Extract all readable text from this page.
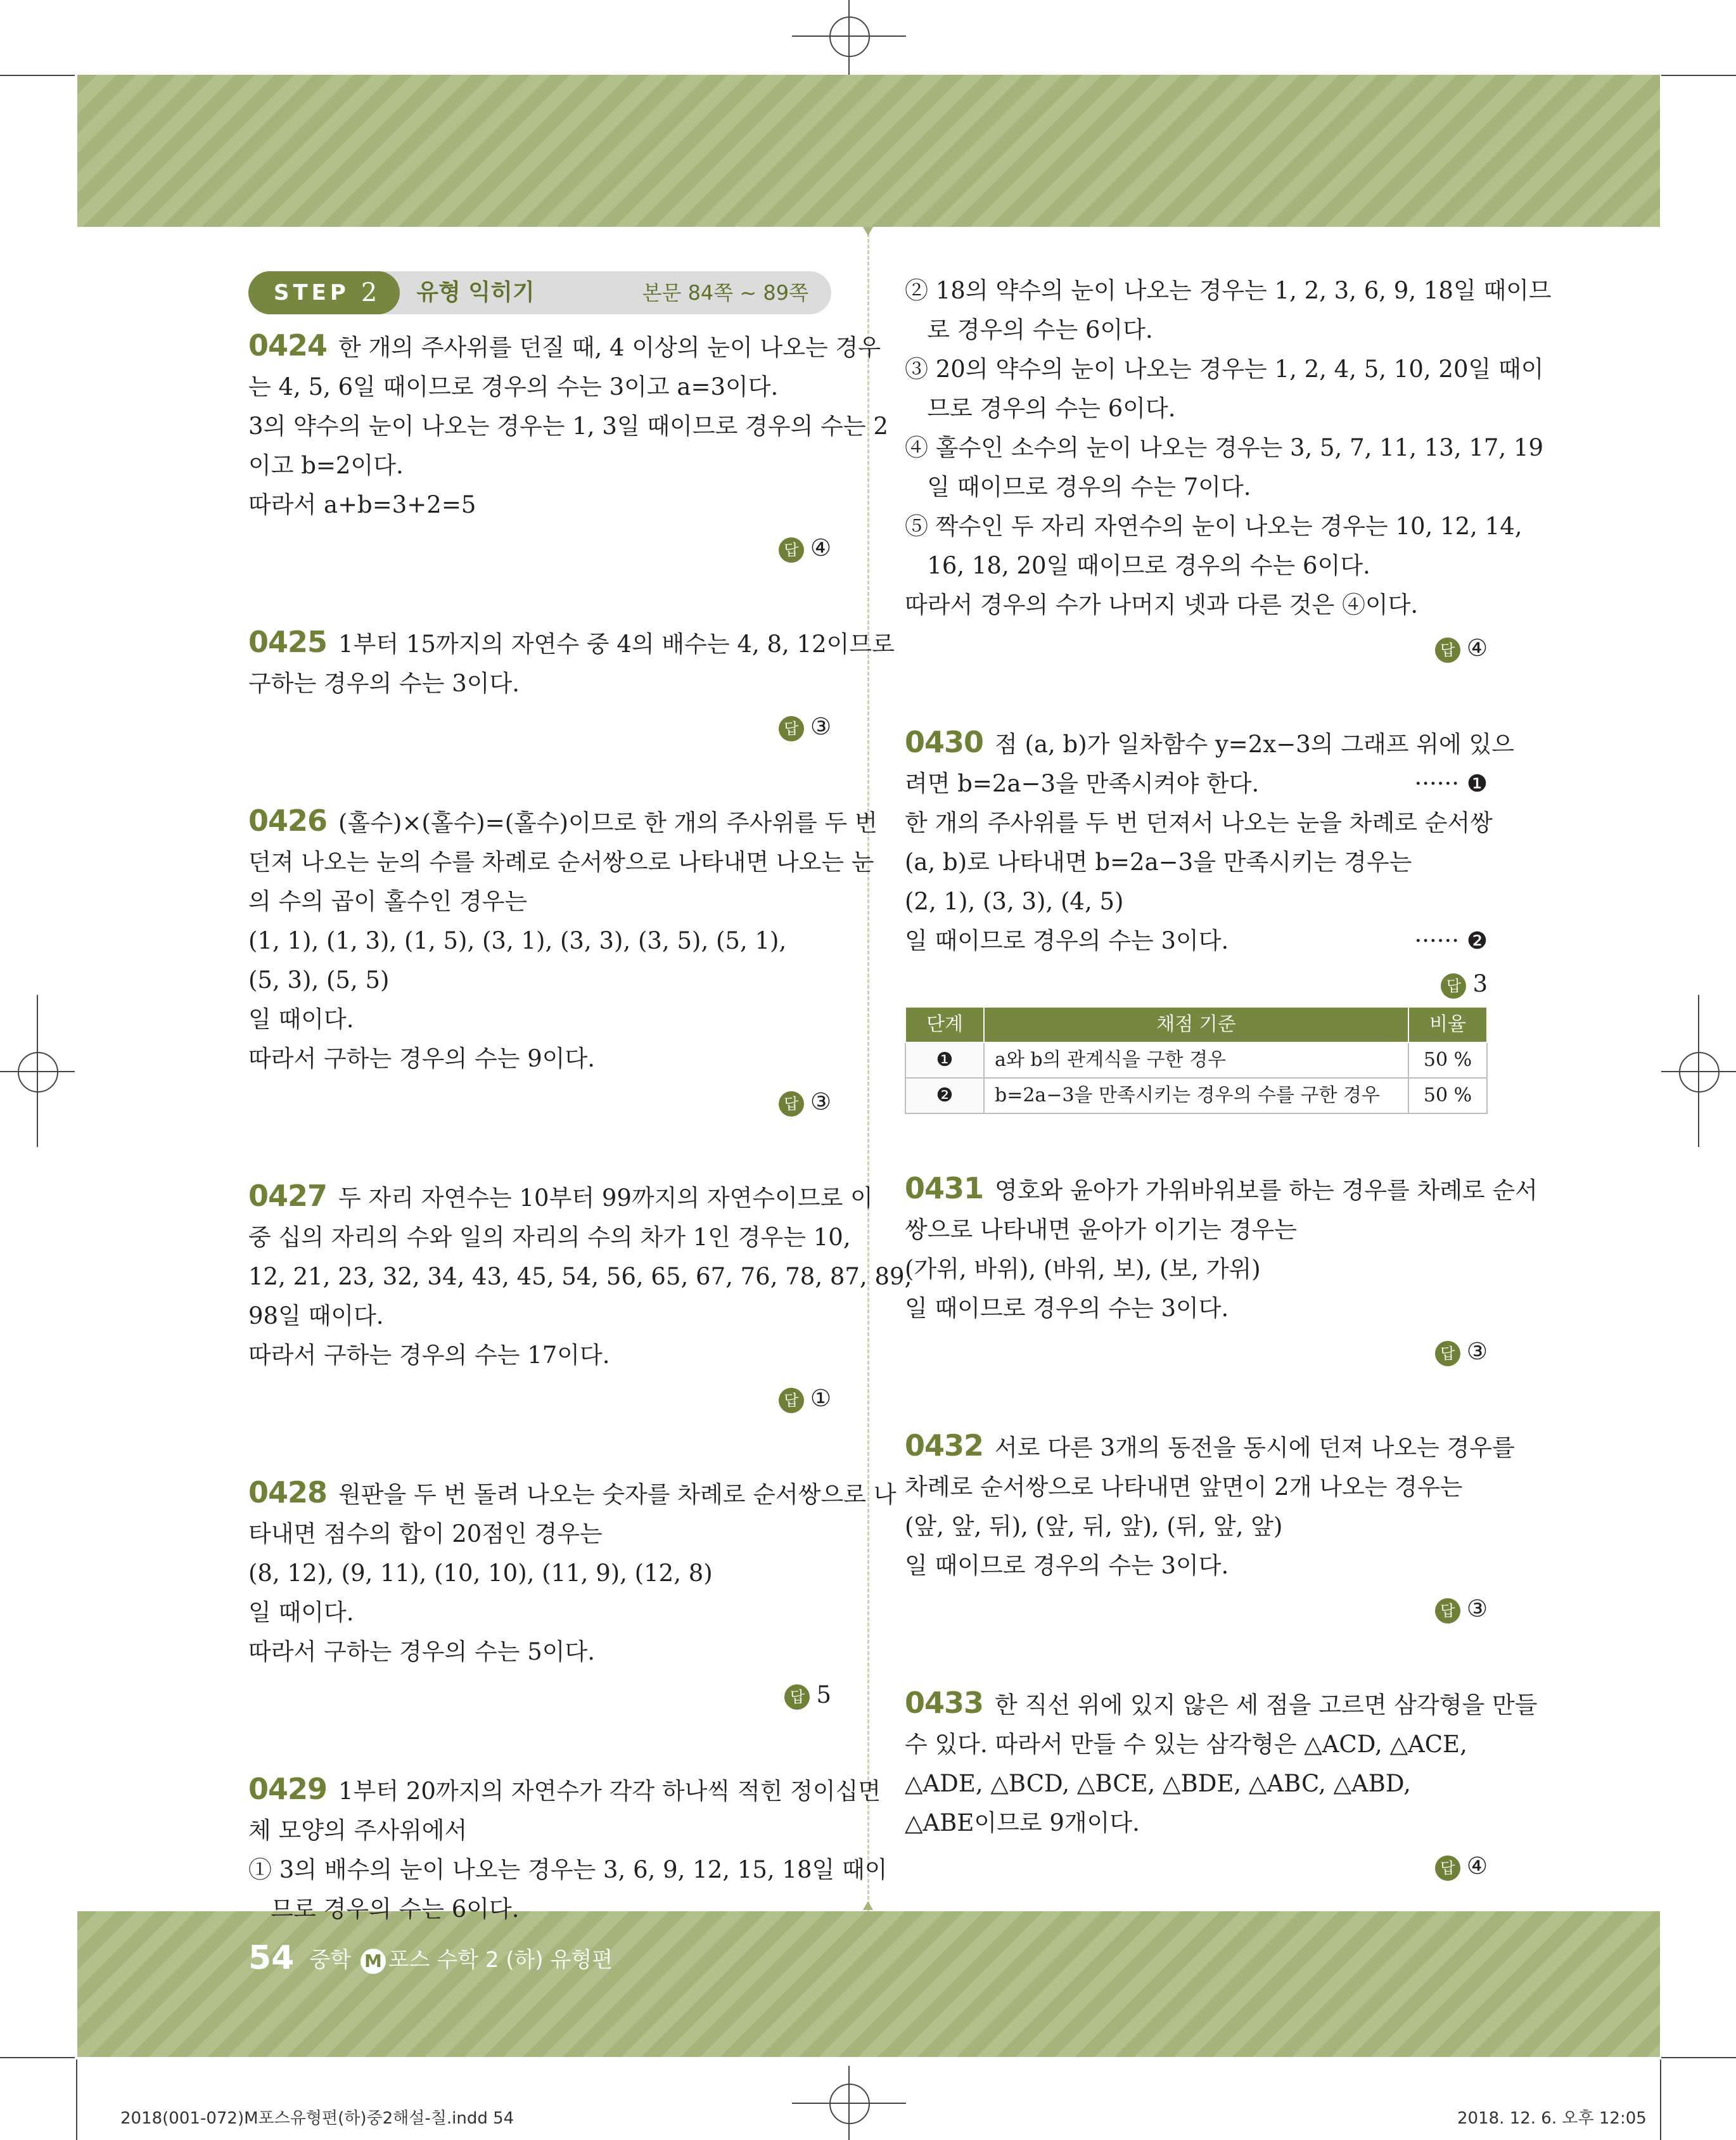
STEP 2 유형 익히기	본문 84쪽 ~ 89쪽
0424 한 개의 주사위를 던질 때, 4 이상의 눈이 나오는 경우
는 4, 5, 6일 때이므로 경우의 수는 3이고 a=3이다.
3의 약수의 눈이 나오는 경우는 1, 3일 때이므로 경우의 수는 2
이고 b=2이다.
따라서 a+b=3+2=5
답 ④
0425 1부터 15까지의 자연수 중 4의 배수는 4, 8, 12이므로
구하는 경우의 수는 3이다.
답 ③
0426 (홀수)×(홀수)=(홀수)이므로 한 개의 주사위를 두 번
던져 나오는 눈의 수를 차례로 순서쌍으로 나타내면 나오는 눈
의 수의 곱이 홀수인 경우는
(1, 1), (1, 3), (1, 5), (3, 1), (3, 3), (3, 5), (5, 1),
(5, 3), (5, 5)
일 때이다.
따라서 구하는 경우의 수는 9이다.
답 ③
0427 두 자리 자연수는 10부터 99까지의 자연수이므로 이
중 십의 자리의 수와 일의 자리의 수의 차가 1인 경우는 10,
12, 21, 23, 32, 34, 43, 45, 54, 56, 65, 67, 76, 78, 87, 89,
98일 때이다.
따라서 구하는 경우의 수는 17이다.
답 ①
0428 원판을 두 번 돌려 나오는 숫자를 차례로 순서쌍으로 나
타내면 점수의 합이 20점인 경우는
(8, 12), (9, 11), (10, 10), (11, 9), (12, 8)
일 때이다.
따라서 구하는 경우의 수는 5이다.
답 5
0429 1부터 20까지의 자연수가 각각 하나씩 적힌 정이십면
체 모양의 주사위에서
① 3의 배수의 눈이 나오는 경우는 3, 6, 9, 12, 15, 18일 때이
므로 경우의 수는 6이다.
② 18의 약수의 눈이 나오는 경우는 1, 2, 3, 6, 9, 18일 때이므
로 경우의 수는 6이다.
③ 20의 약수의 눈이 나오는 경우는 1, 2, 4, 5, 10, 20일 때이
므로 경우의 수는 6이다.
④ 홀수인 소수의 눈이 나오는 경우는 3, 5, 7, 11, 13, 17, 19
일 때이므로 경우의 수는 7이다.
⑤ 짝수인 두 자리 자연수의 눈이 나오는 경우는 10, 12, 14,
16, 18, 20일 때이므로 경우의 수는 6이다.
따라서 경우의 수가 나머지 넷과 다른 것은 ④이다.
답 ④
0430 점 (a, b)가 일차함수 y=2x−3의 그래프 위에 있으
려면 b=2a−3을 만족시켜야 한다.	······ ❶
한 개의 주사위를 두 번 던져서 나오는 눈을 차례로 순서쌍
(a, b)로 나타내면 b=2a−3을 만족시키는 경우는
(2, 1), (3, 3), (4, 5)
일 때이므로 경우의 수는 3이다.	······ ❷
답 3
단계	채점 기준	비율
❶	a와 b의 관계식을 구한 경우	50 %
❷	b=2a−3을 만족시키는 경우의 수를 구한 경우	50 %
0431 영호와 윤아가 가위바위보를 하는 경우를 차례로 순서
쌍으로 나타내면 윤아가 이기는 경우는
(가위, 바위), (바위, 보), (보, 가위)
일 때이므로 경우의 수는 3이다.
답 ③
0432 서로 다른 3개의 동전을 동시에 던져 나오는 경우를
차례로 순서쌍으로 나타내면 앞면이 2개 나오는 경우는
(앞, 앞, 뒤), (앞, 뒤, 앞), (뒤, 앞, 앞)
일 때이므로 경우의 수는 3이다.
답 ③
0433 한 직선 위에 있지 않은 세 점을 고르면 삼각형을 만들
수 있다. 따라서 만들 수 있는 삼각형은 △ACD, △ACE,
△ADE, △BCD, △BCE, △BDE, △ABC, △ABD,
△ABE이므로 9개이다.
답 ④
54 중학 M 포스 수학 2 (하) 유형편
2018(001-072)M포스유형편(하)중2해설-칠.indd 54	2018. 12. 6. 오후 12:05
